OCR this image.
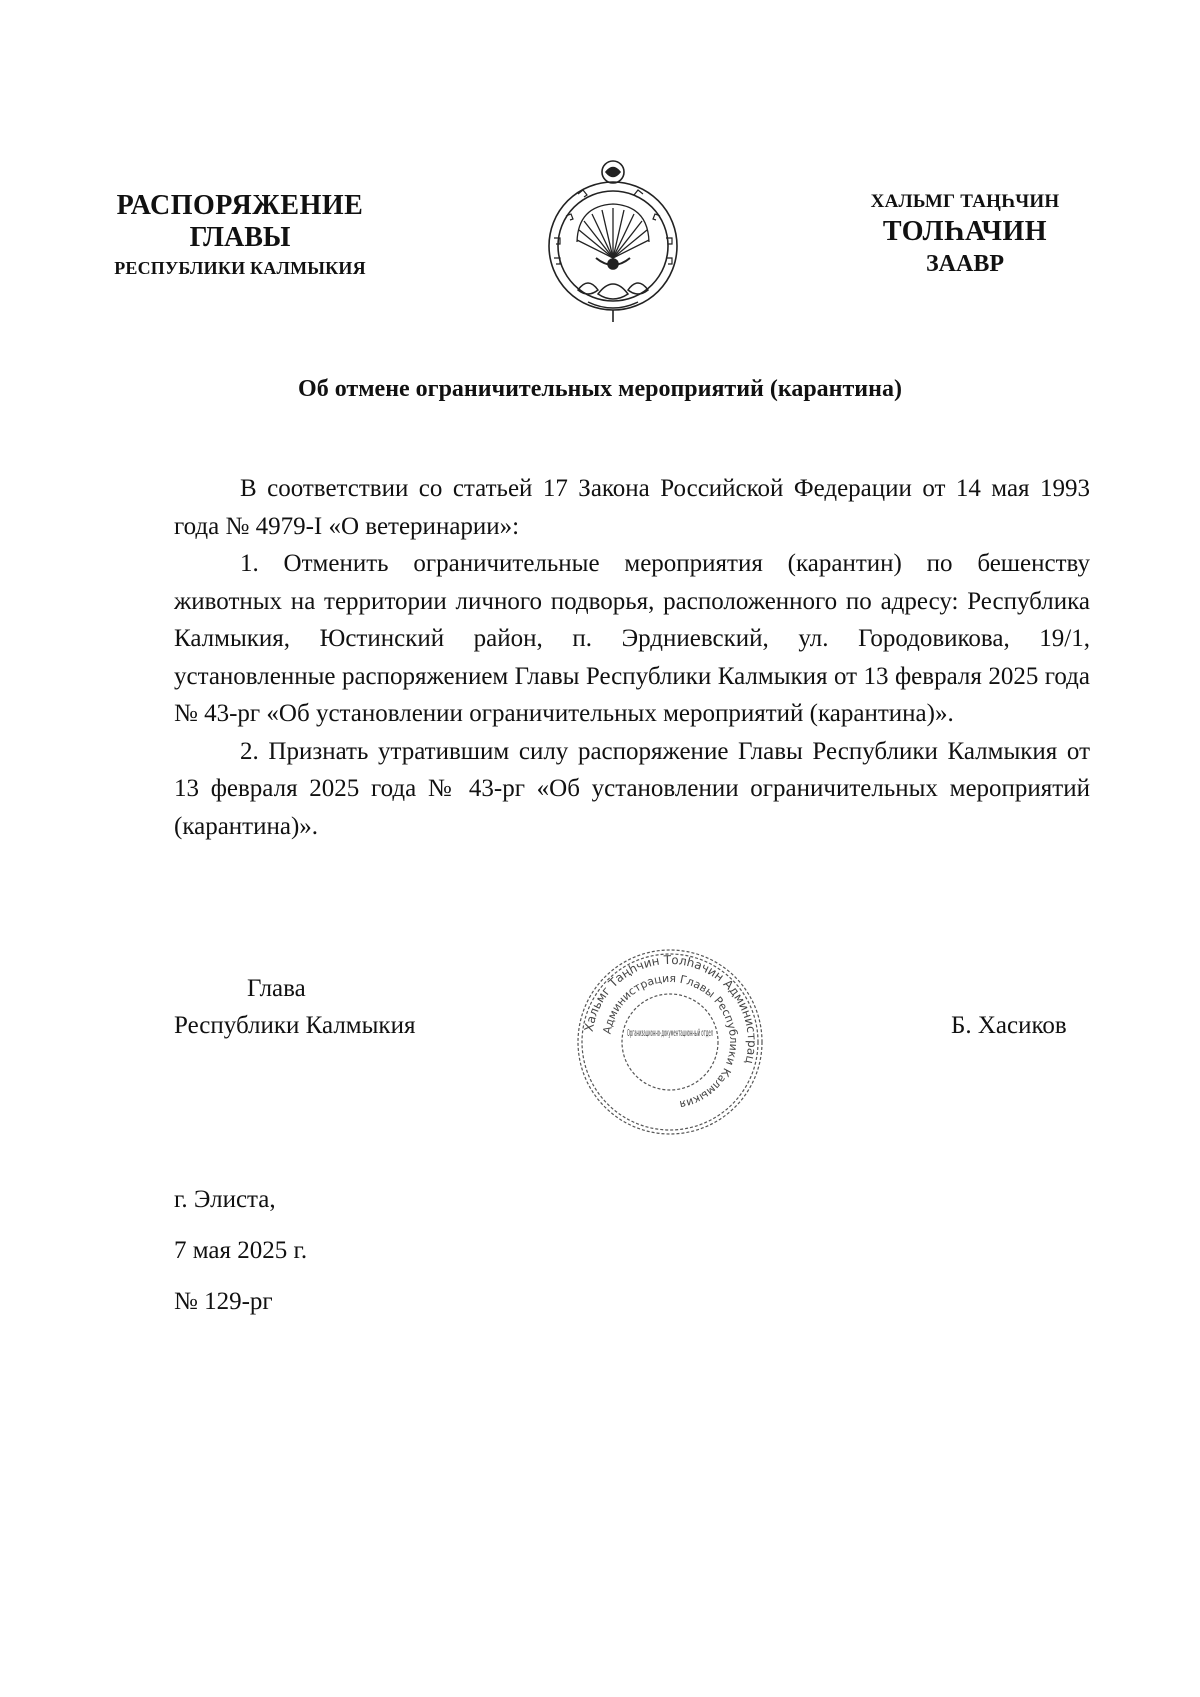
РАСПОРЯЖЕНИЕ
ГЛАВЫ
РЕСПУБЛИКИ КАЛМЫКИЯ
ХАЛЬМГ ТАҢҺЧИН
ТОЛҺАЧИН
ЗААВР
Об отмене ограничительных мероприятий (карантина)

В соответствии со статьей 17 Закона Российской Федерации от 14 мая 1993 года № 4979-I «О ветеринарии»:

1. Отменить ограничительные мероприятия (карантин) по бешенству животных на территории личного подворья, расположенного по адресу: Республика Калмыкия, Юстинский район, п. Эрдниевский, ул. Городовикова, 19/1, установленные распоряжением Главы Республики Калмыкия от 13 февраля 2025 года № 43-рг «Об установлении ограничительных мероприятий (карантина)».

2. Признать утратившим силу распоряжение Главы Республики Калмыкия от 13 февраля 2025 года № 43-рг «Об установлении ограничительных мероприятий (карантина)».

Глава
Республики Калмыкия	Б. Хасиков
Хальмг Таңһчин Толһачин Администрац
Администрация Главы Республики Калмыкия
Организационно-документационный отдел
г. Элиста,
7 мая 2025 г.
№ 129-рг
